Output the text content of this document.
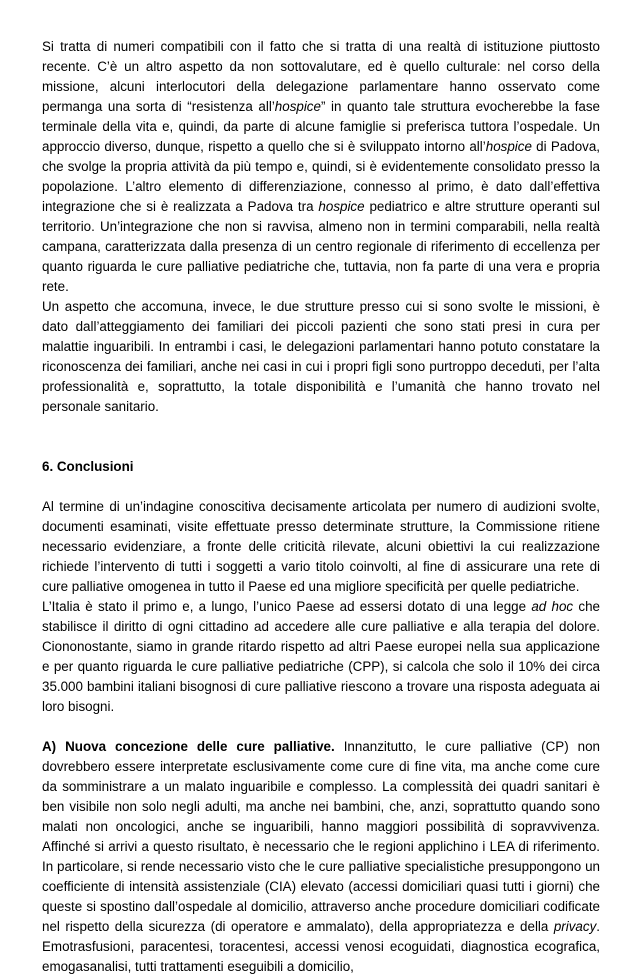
Si tratta di numeri compatibili con il fatto che si tratta di una realtà di istituzione piuttosto recente. C’è un altro aspetto da non sottovalutare, ed è quello culturale: nel corso della missione, alcuni interlocutori della delegazione parlamentare hanno osservato come permanga una sorta di “resistenza all’hospice” in quanto tale struttura evocherebbe la fase terminale della vita e, quindi, da parte di alcune famiglie si preferisca tuttora l’ospedale. Un approccio diverso, dunque, rispetto a quello che si è sviluppato intorno all’hospice di Padova, che svolge la propria attività da più tempo e, quindi, si è evidentemente consolidato presso la popolazione. L’altro elemento di differenziazione, connesso al primo, è dato dall’effettiva integrazione che si è realizzata a Padova tra hospice pediatrico e altre strutture operanti sul territorio. Un’integrazione che non si ravvisa, almeno non in termini comparabili, nella realtà campana, caratterizzata dalla presenza di un centro regionale di riferimento di eccellenza per quanto riguarda le cure palliative pediatriche che, tuttavia, non fa parte di una vera e propria rete.

Un aspetto che accomuna, invece, le due strutture presso cui si sono svolte le missioni, è dato dall’atteggiamento dei familiari dei piccoli pazienti che sono stati presi in cura per malattie inguaribili. In entrambi i casi, le delegazioni parlamentari hanno potuto constatare la riconoscenza dei familiari, anche nei casi in cui i propri figli sono purtroppo deceduti, per l’alta professionalità e, soprattutto, la totale disponibilità e l’umanità che hanno trovato nel personale sanitario.

6. Conclusioni

Al termine di un’indagine conoscitiva decisamente articolata per numero di audizioni svolte, documenti esaminati, visite effettuate presso determinate strutture, la Commissione ritiene necessario evidenziare, a fronte delle criticità rilevate, alcuni obiettivi la cui realizzazione richiede l’intervento di tutti i soggetti a vario titolo coinvolti, al fine di assicurare una rete di cure palliative omogenea in tutto il Paese ed una migliore specificità per quelle pediatriche.

L’Italia è stato il primo e, a lungo, l’unico Paese ad essersi dotato di una legge ad hoc che stabilisce il diritto di ogni cittadino ad accedere alle cure palliative e alla terapia del dolore. Ciononostante, siamo in grande ritardo rispetto ad altri Paese europei nella sua applicazione e per quanto riguarda le cure palliative pediatriche (CPP), si calcola che solo il 10% dei circa 35.000 bambini italiani bisognosi di cure palliative riescono a trovare una risposta adeguata ai loro bisogni.

A) Nuova concezione delle cure palliative. Innanzitutto, le cure palliative (CP) non dovrebbero essere interpretate esclusivamente come cure di fine vita, ma anche come cure da somministrare a un malato inguaribile e complesso. La complessità dei quadri sanitari è ben visibile non solo negli adulti, ma anche nei bambini, che, anzi, soprattutto quando sono malati non oncologici, anche se inguaribili, hanno maggiori possibilità di sopravvivenza. Affinché si arrivi a questo risultato, è necessario che le regioni applichino i LEA di riferimento. In particolare, si rende necessario visto che le cure palliative specialistiche presuppongono un coefficiente di intensità assistenziale (CIA) elevato (accessi domiciliari quasi tutti i giorni) che queste si spostino dall’ospedale al domicilio, attraverso anche procedure domiciliari codificate nel rispetto della sicurezza (di operatore e ammalato), della appropriatezza e della privacy. Emotrasfusioni, paracentesi, toracentesi, accessi venosi ecoguidati, diagnostica ecografica, emogasanalisi, tutti trattamenti eseguibili a domicilio,
